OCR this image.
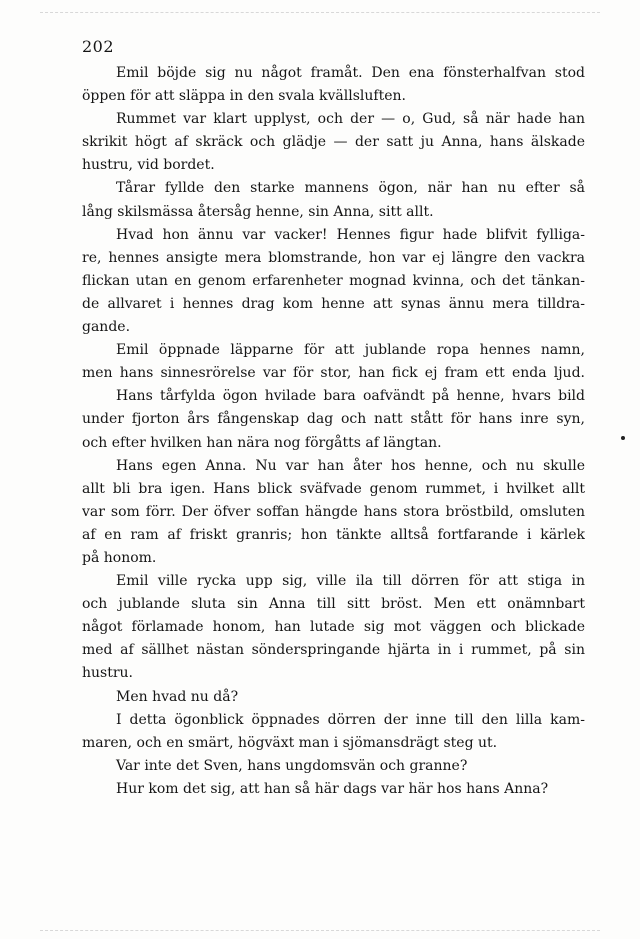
202
Emil böjde sig nu något framåt. Den ena fönsterhalfvan stod
öppen för att släppa in den svala kvällsluften.
Rummet var klart upplyst, och der — o, Gud, så när hade han
skrikit högt af skräck och glädje — der satt ju Anna, hans älskade
hustru, vid bordet.
Tårar fyllde den starke mannens ögon, när han nu efter så
lång skilsmässa återsåg henne, sin Anna, sitt allt.
Hvad hon ännu var vacker! Hennes figur hade blifvit fylliga-
re, hennes ansigte mera blomstrande, hon var ej längre den vackra
flickan utan en genom erfarenheter mognad kvinna, och det tänkan-
de allvaret i hennes drag kom henne att synas ännu mera tilldra-
gande.
Emil öppnade läpparne för att jublande ropa hennes namn,
men hans sinnesrörelse var för stor, han fick ej fram ett enda ljud.
Hans tårfylda ögon hvilade bara oafvändt på henne, hvars bild
under fjorton års fångenskap dag och natt stått för hans inre syn,
och efter hvilken han nära nog förgåtts af längtan.
Hans egen Anna. Nu var han åter hos henne, och nu skulle
allt bli bra igen. Hans blick sväfvade genom rummet, i hvilket allt
var som förr. Der öfver soffan hängde hans stora bröstbild, omsluten
af en ram af friskt granris; hon tänkte alltså fortfarande i kärlek
på honom.
Emil ville rycka upp sig, ville ila till dörren för att stiga in
och jublande sluta sin Anna till sitt bröst. Men ett onämnbart
något förlamade honom, han lutade sig mot väggen och blickade
med af sällhet nästan sönderspringande hjärta in i rummet, på sin
hustru.
Men hvad nu då?
I detta ögonblick öppnades dörren der inne till den lilla kam-
maren, och en smärt, högväxt man i sjömansdrägt steg ut.
Var inte det Sven, hans ungdomsvän och granne?
Hur kom det sig, att han så här dags var här hos hans Anna?
